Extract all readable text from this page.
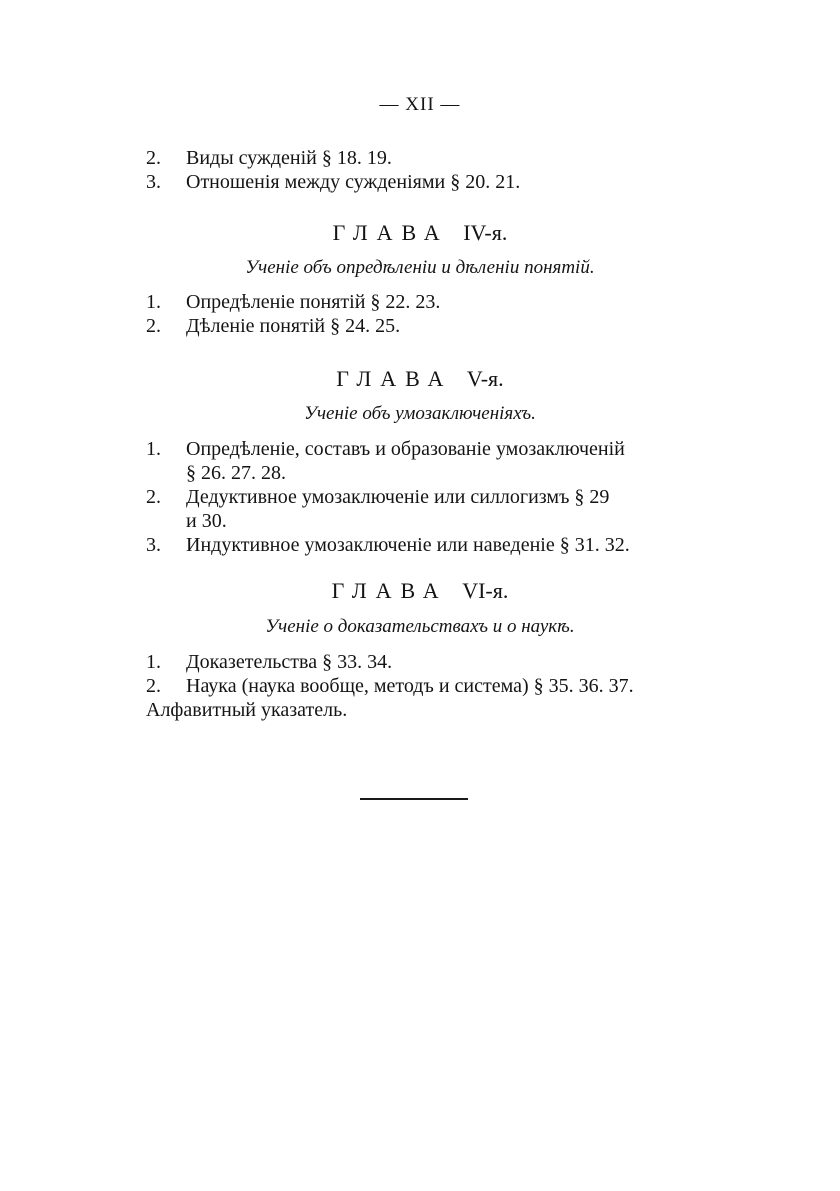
— XII —
2. Виды сужденій § 18. 19.
3. Отношенія между сужденіями § 20. 21.
ГЛАВА IV-я.
Ученіе объ опредѣленіи и дѣленіи понятій.
1. Опредѣленіе понятій § 22. 23.
2. Дѣленіе понятій § 24. 25.
ГЛАВА V-я.
Ученіе объ умозаключеніяхъ.
1. Опредѣленіе, составъ и образованіе умозаключеній
§ 26. 27. 28.
2. Дедуктивное умозаключеніе или силлогизмъ § 29
и 30.
3. Индуктивное умозаключеніе или наведеніе § 31. 32.
ГЛАВА VI-я.
Ученіе о доказательствахъ и о наукѣ.
1. Доказетельства § 33. 34.
2. Наука (наука вообще, методъ и система) § 35. 36. 37.
Алфавитный указатель.
